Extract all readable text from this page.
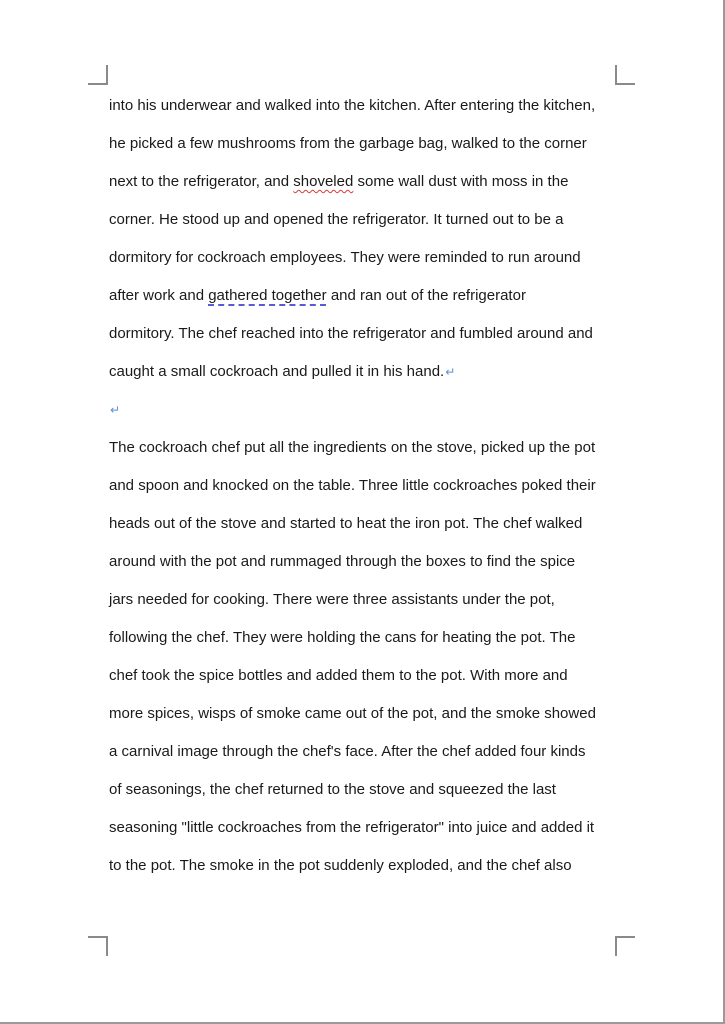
into his underwear and walked into the kitchen. After entering the kitchen,
he picked a few mushrooms from the garbage bag, walked to the corner
next to the refrigerator, and shoveled some wall dust with moss in the
corner. He stood up and opened the refrigerator. It turned out to be a
dormitory for cockroach employees. They were reminded to run around
after work and gathered together and ran out of the refrigerator
dormitory. The chef reached into the refrigerator and fumbled around and
caught a small cockroach and pulled it in his hand.↵
↵
The cockroach chef put all the ingredients on the stove, picked up the pot
and spoon and knocked on the table. Three little cockroaches poked their
heads out of the stove and started to heat the iron pot. The chef walked
around with the pot and rummaged through the boxes to find the spice
jars needed for cooking. There were three assistants under the pot,
following the chef. They were holding the cans for heating the pot. The
chef took the spice bottles and added them to the pot. With more and
more spices, wisps of smoke came out of the pot, and the smoke showed
a carnival image through the chef's face. After the chef added four kinds
of seasonings, the chef returned to the stove and squeezed the last
seasoning "little cockroaches from the refrigerator" into juice and added it
to the pot. The smoke in the pot suddenly exploded, and the chef also
